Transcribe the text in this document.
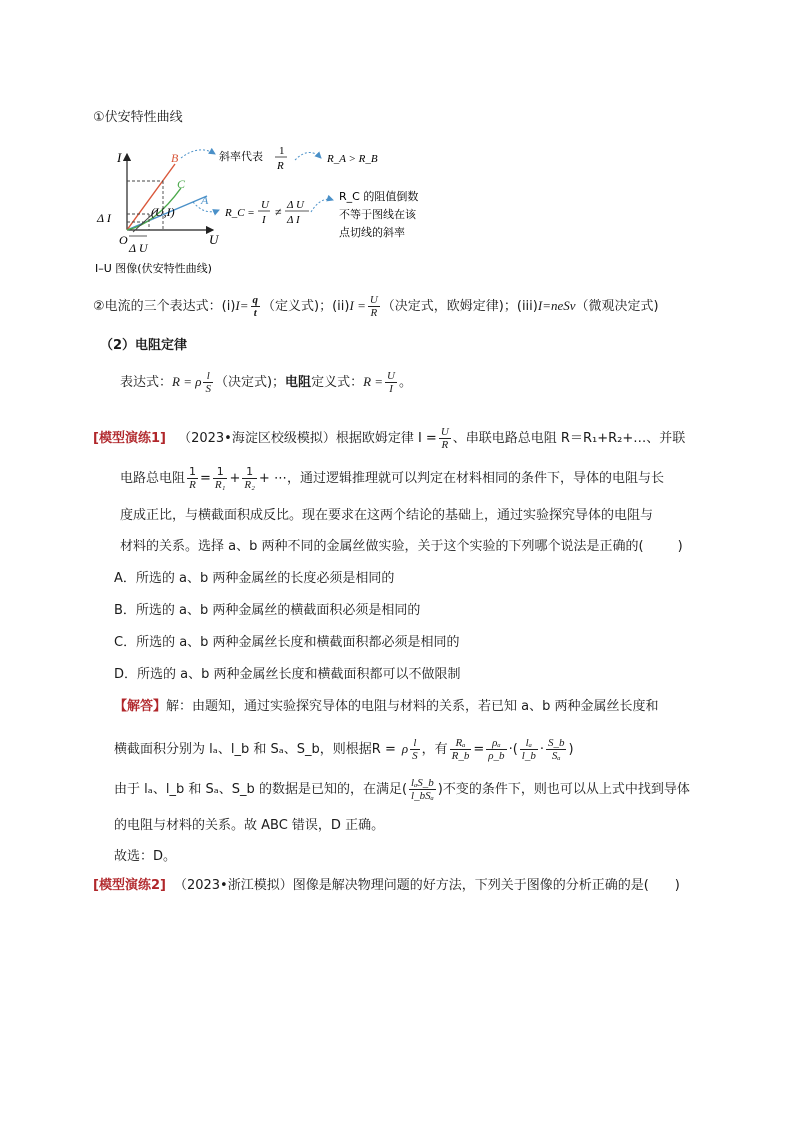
①伏安特性曲线
I
U
O
B
A
C
Δ I
Δ U
(U,I)
斜率代表 1
R
R_A > R_B
R_C =
U
I
≠ Δ U
Δ I
R_C 的阻值倒数
不等于图线在该
点切线的斜率
I–U 图像(伏安特性曲线)
②电流的三个表达式：$(i)I= \frac{q}{t}$ （定义式)；$(ii)I = \frac{U}{R}$ （决定式，欧姆定律)；(iii)I=neSv（微观决定式)
（2）电阻定律
表达式：R = ρ $\frac{l}{S}$ （决定式)；电阻定义式：$R = \frac{U}{I}$ 。
[模型演练1] （2023•海淀区校级模拟）根据欧姆定律 $I = \frac{U}{R}$ 、串联电路总电阻 R＝R₁+R₂+…、并联
电路总电阻 $\frac{1}{R} = \frac{1}{\text{R₁}} + \frac{1}{\text{R₂}}$ + ⋯，通过逻辑推理就可以判定在材料相同的条件下，导体的电阻与长
度成正比，与横截面积成反比。现在要求在这两个结论的基础上，通过实验探究导体的电阻与
材料的关系。选择 a、b 两种不同的金属丝做实验，关于这个实验的下列哪个说法是正确的(	)
A．所选的 a、b 两种金属丝的长度必须是相同的
B．所选的 a、b 两种金属丝的横截面积必须是相同的
C．所选的 a、b 两种金属丝长度和横截面积都必须是相同的
D．所选的 a、b 两种金属丝长度和横截面积都可以不做限制
【解答】解：由题知，通过实验探究导体的电阻与材料的关系，若已知 a、b 两种金属丝长度和
横截面积分别为 lₐ、l_b 和 Sₐ、S_b，则根据R = ρ $\frac{l}{S}$ ，有 $\frac{\text{Rₐ}}{R\_b} = \frac{\text{ρₐ}}{\rho\_b}$ ·( $\frac{\text{lₐ}}{l\_b} \cdot \frac{S\_b}{\text{Sₐ}}$ )
由于 lₐ、l_b 和 Sₐ、S_b 的数据是已知的，在满足( $\frac{\text{lₐS\_b}}{\text{l\_bSₐ}}$ )不变的条件下，则也可以从上式中找到导体
的电阻与材料的关系。故 ABC 错误，D 正确。
故选：D。
[模型演练2] （2023•浙江模拟）图像是解决物理问题的好方法，下列关于图像的分析正确的是( )
